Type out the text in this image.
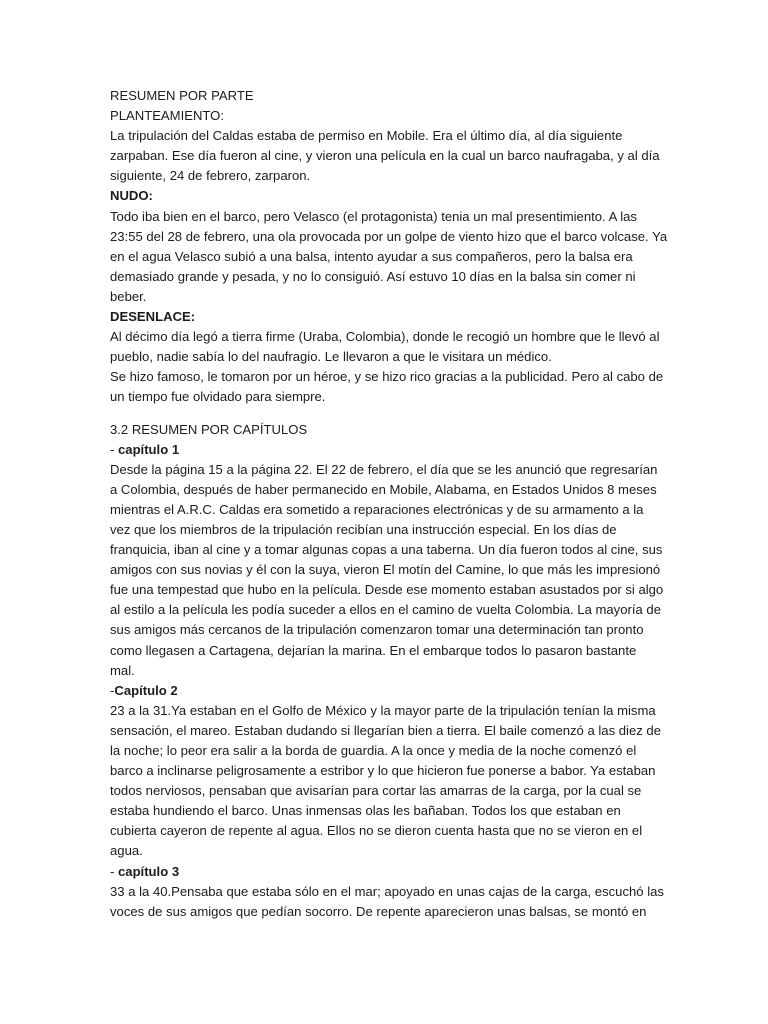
RESUMEN POR PARTE
PLANTEAMIENTO:
La tripulación del Caldas estaba de permiso en Mobile. Era el último día, al día siguiente
zarpaban. Ese día fueron al cine, y vieron una película en la cual un barco naufragaba, y al día
siguiente, 24 de febrero, zarparon.
NUDO:
Todo iba bien en el barco, pero Velasco (el protagonista) tenia un mal presentimiento. A las
23:55 del 28 de febrero, una ola provocada por un golpe de viento hizo que el barco volcase. Ya
en el agua Velasco subió a una balsa, intento ayudar a sus compañeros, pero la balsa era
demasiado grande y pesada, y no lo consiguió. Así estuvo 10 días en la balsa sin comer ni
beber.
DESENLACE:
Al décimo día legó a tierra firme (Uraba, Colombia), donde le recogió un hombre que le llevó al
pueblo, nadie sabía lo del naufragio. Le llevaron a que le visitara un médico.
Se hizo famoso, le tomaron por un héroe, y se hizo rico gracias a la publicidad. Pero al cabo de
un tiempo fue olvidado para siempre.
3.2 RESUMEN POR CAPÍTULOS
- capítulo 1
Desde la página 15 a la página 22. El 22 de febrero, el día que se les anunció que regresarían
a Colombia, después de haber permanecido en Mobile, Alabama, en Estados Unidos 8 meses
mientras el A.R.C. Caldas era sometido a reparaciones electrónicas y de su armamento a la
vez que los miembros de la tripulación recibían una instrucción especial. En los días de
franquicia, iban al cine y a tomar algunas copas a una taberna. Un día fueron todos al cine, sus
amigos con sus novias y él con la suya, vieron El motín del Camine, lo que más les impresionó
fue una tempestad que hubo en la película. Desde ese momento estaban asustados por si algo
al estilo a la película les podía suceder a ellos en el camino de vuelta Colombia. La mayoría de
sus amigos más cercanos de la tripulación comenzaron tomar una determinación tan pronto
como llegasen a Cartagena, dejarían la marina. En el embarque todos lo pasaron bastante
mal.
-Capítulo 2
23 a la 31.Ya estaban en el Golfo de México y la mayor parte de la tripulación tenían la misma
sensación, el mareo. Estaban dudando si llegarían bien a tierra. El baile comenzó a las diez de
la noche; lo peor era salir a la borda de guardia. A la once y media de la noche comenzó el
barco a inclinarse peligrosamente a estribor y lo que hicieron fue ponerse a babor. Ya estaban
todos nerviosos, pensaban que avisarían para cortar las amarras de la carga, por la cual se
estaba hundiendo el barco. Unas inmensas olas les bañaban. Todos los que estaban en
cubierta cayeron de repente al agua. Ellos no se dieron cuenta hasta que no se vieron en el
agua.
- capítulo 3
33 a la 40.Pensaba que estaba sólo en el mar; apoyado en unas cajas de la carga, escuchó las
voces de sus amigos que pedían socorro. De repente aparecieron unas balsas, se montó en
